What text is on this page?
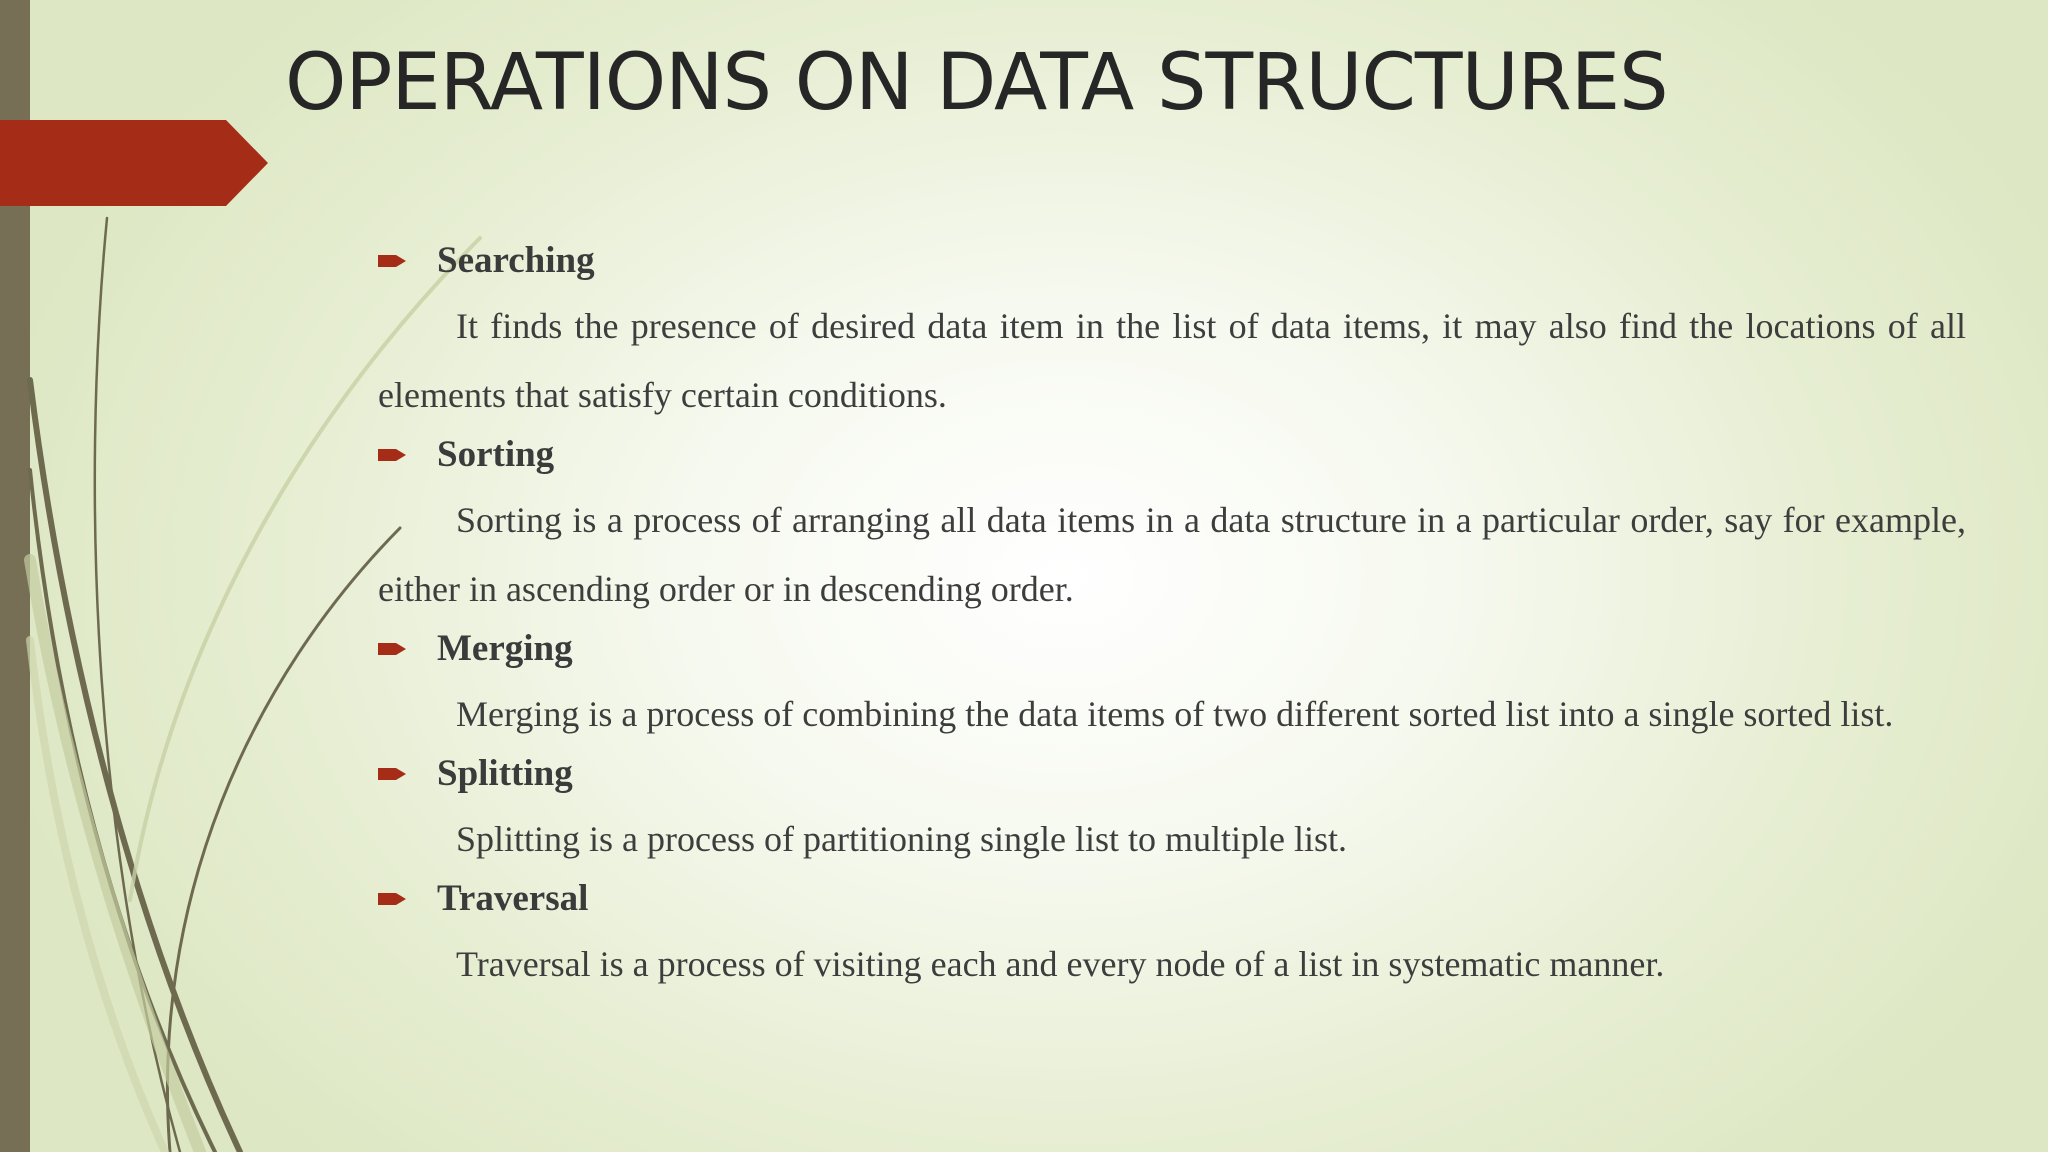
OPERATIONS ON DATA STRUCTURES
Searching

It finds the presence of desired data item in the list of data items, it may also find the locations of all elements that satisfy certain conditions.

Sorting

Sorting is a process of arranging all data items in a data structure in a particular order, say for example, either in ascending order or in descending order.

Merging

Merging is a process of combining the data items of two different sorted list into a single sorted list.

Splitting

Splitting is a process of partitioning single list to multiple list.

Traversal

Traversal is a process of visiting each and every node of a list in systematic manner.
